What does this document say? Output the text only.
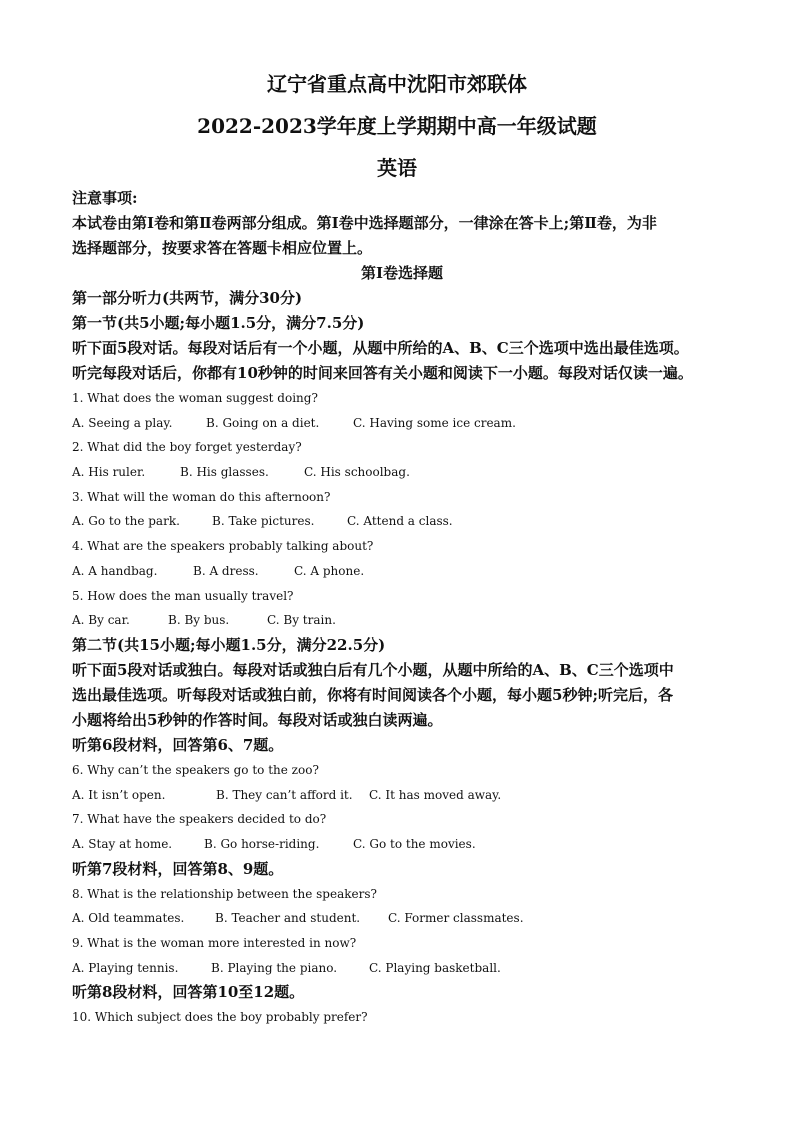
辽宁省重点高中沈阳市郊联体
2022-2023学年度上学期期中高一年级试题
英语
注意事项:
本试卷由第Ⅰ卷和第Ⅱ卷两部分组成。第Ⅰ卷中选择题部分，一律涂在答卡上;第Ⅱ卷，为非
选择题部分，按要求答在答题卡相应位置上。
第Ⅰ卷选择题
第一部分听力(共两节，满分30分)
第一节(共5小题;每小题1.5分，满分7.5分)
听下面5段对话。每段对话后有一个小题，从题中所给的A、B、C三个选项中选出最佳选项。
听完每段对话后，你都有10秒钟的时间来回答有关小题和阅读下一小题。每段对话仅读一遍。
1. What does the woman suggest doing?
A. Seeing a play.	B. Going on a diet.	C. Having some ice cream.
2. What did the boy forget yesterday?
A. His ruler.	B. His glasses.	C. His schoolbag.
3. What will the woman do this afternoon?
A. Go to the park.	B. Take pictures.	C. Attend a class.
4. What are the speakers probably talking about?
A. A handbag.	B. A dress.	C. A phone.
5. How does the man usually travel?
A. By car.	B. By bus.	C. By train.
第二节(共15小题;每小题1.5分，满分22.5分)
听下面5段对话或独白。每段对话或独白后有几个小题，从题中所给的A、B、C三个选项中
选出最佳选项。听每段对话或独白前，你将有时间阅读各个小题，每小题5秒钟;听完后，各
小题将给出5秒钟的作答时间。每段对话或独白读两遍。
听第6段材料，回答第6、7题。
6. Why can’t the speakers go to the zoo?
A. It isn’t open.	B. They can’t afford it.	C. It has moved away.
7. What have the speakers decided to do?
A. Stay at home.	B. Go horse-riding.	C. Go to the movies.
听第7段材料，回答第8、9题。
8. What is the relationship between the speakers?
A. Old teammates.	B. Teacher and student.	C. Former classmates.
9. What is the woman more interested in now?
A. Playing tennis.	B. Playing the piano.	C. Playing basketball.
听第8段材料，回答第10至12题。
10. Which subject does the boy probably prefer?
